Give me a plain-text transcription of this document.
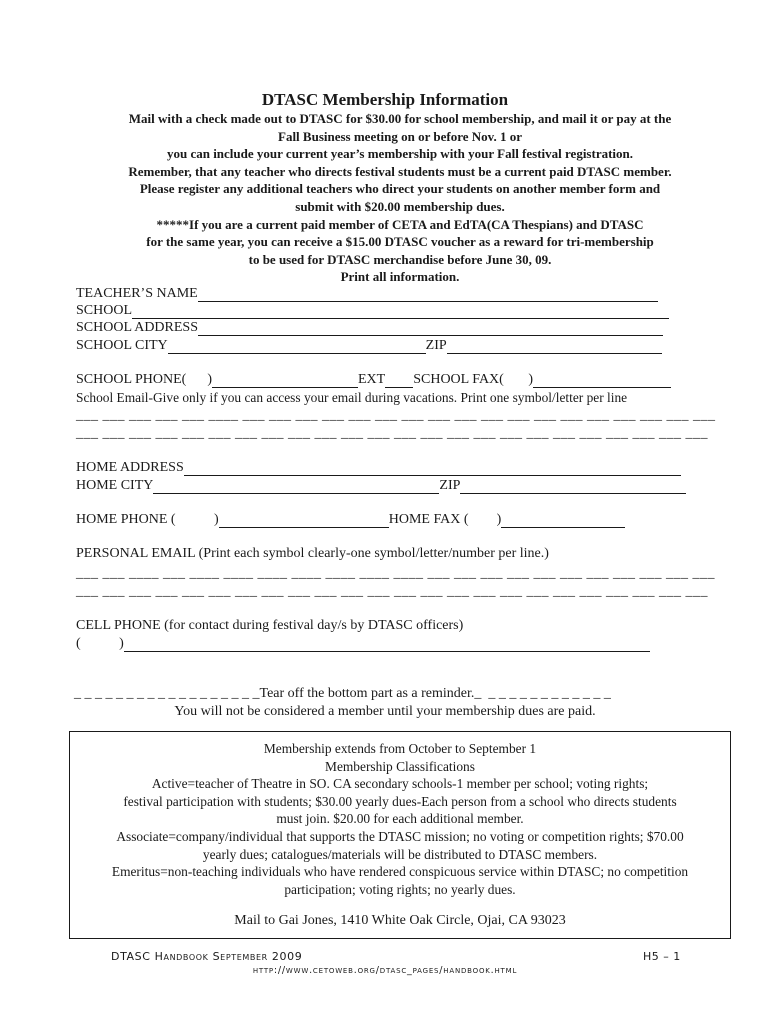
DTASC Membership Information
Mail with a check made out to DTASC for $30.00 for school membership, and mail it or pay at the
Fall Business meeting on or before Nov. 1 or
you can include your current year’s membership with your Fall festival registration.
Remember, that any teacher who directs festival students must be a current paid DTASC member.
Please register any additional teachers who direct your students on another member form and
submit with $20.00 membership dues.
*****If you are a current paid member of CETA and EdTA(CA Thespians) and DTASC
for the same year, you can receive a $15.00 DTASC voucher as a reward for tri-membership
to be used for DTASC merchandise before June 30, 09.
Print all information.
TEACHER’S NAME
SCHOOL
SCHOOL ADDRESS
SCHOOL CITY	ZIP
SCHOOL PHONE(      )	EXT SCHOOL FAX(       )
School Email-Give only if you can access your email during vacations. Print one symbol/letter per line
___ ___ ___ ___ ___ ____ ___ ___ ___ ___ ___ ___ ___ ___ ___ ___ ___ ___ ___ ___ ___ ___ ___ ___
___ ___ ___ ___ ___ ___ ___ ___ ___ ___ ___ ___ ___ ___ ___ ___ ___ ___ ___ ___ ___ ___ ___ ___
HOME ADDRESS
HOME CITY	ZIP
HOME PHONE (           )	HOME FAX (        )
PERSONAL EMAIL (Print each symbol clearly-one symbol/letter/number per line.)
___ ___ ____ ___ ____ ____ ____ ____ ____ ____ ____ ___ ___ ___ ___ ___ ___ ___ ___ ___ ___ ___
___ ___ ___ ___ ___ ___ ___ ___ ___ ___ ___ ___ ___ ___ ___ ___ ___ ___ ___ ___ ___ ___ ___ ___
CELL PHONE (for contact during festival day/s by DTASC officers)
(           )
_ _ _ _ _ _ _ _ _ _ _ _ _ _ _ _ _ _Tear off the bottom part as a reminder._  _ _ _ _ _ _ _ _ _ _ _ _
You will not be considered a member until your membership dues are paid.
Membership extends from October to September 1
Membership Classifications
Active=teacher of Theatre in SO. CA secondary schools-1 member per school; voting rights;
festival participation with students; $30.00 yearly dues-Each person from a school who directs students
must join. $20.00 for each additional member.
Associate=company/individual that supports the DTASC mission; no voting or competition rights; $70.00
yearly dues; catalogues/materials will be distributed to DTASC members.
Emeritus=non-teaching individuals who have rendered conspicuous service within DTASC; no competition
participation; voting rights; no yearly dues.
Mail to Gai Jones, 1410 White Oak Circle, Ojai, CA 93023
DTASC Handbook September 2009	H5 – 1
http://www.cetoweb.org/dtasc_pages/handbook.html
